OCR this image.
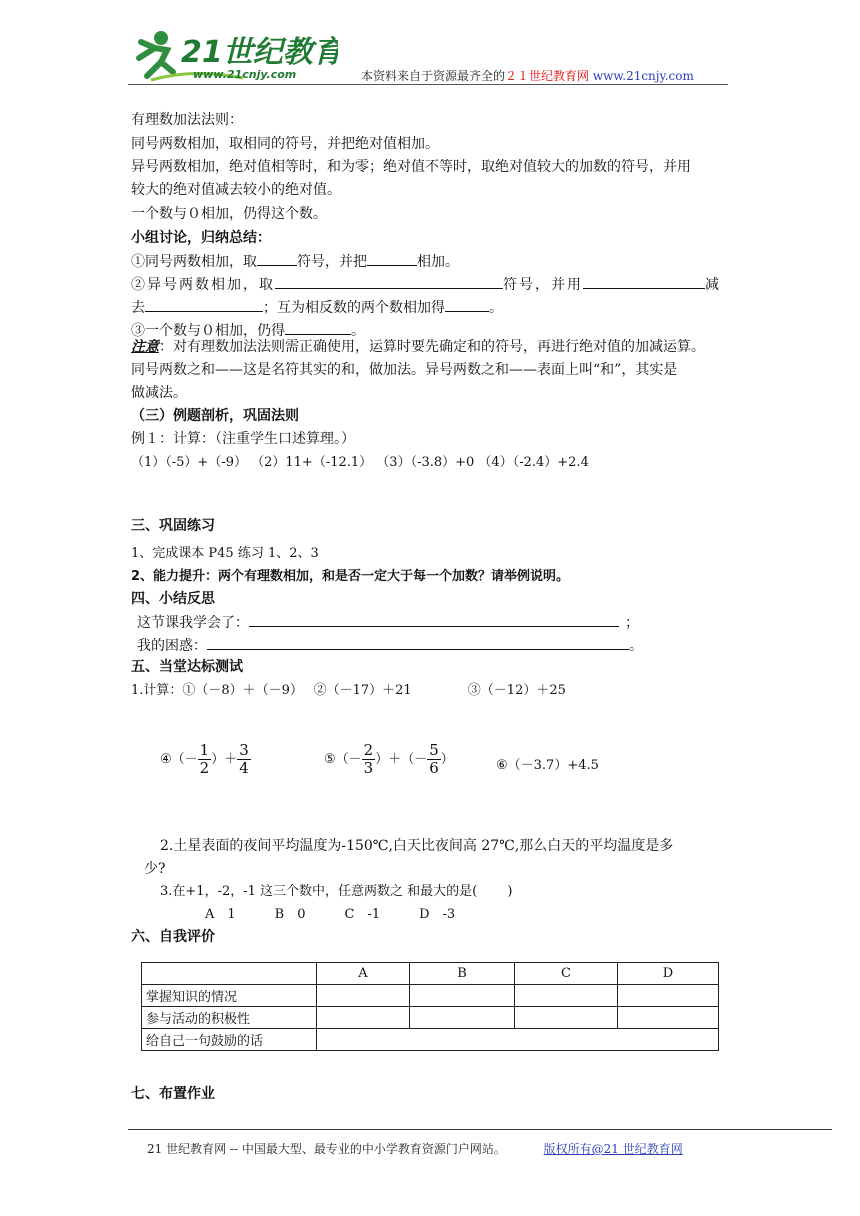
21世纪教育
www.21cnjy.com	本资料来自于资源最齐全的２１世纪教育网 www.21cnjy.com
有理数加法法则：
同号两数相加，取相同的符号，并把绝对值相加。
异号两数相加，绝对值相等时，和为零；绝对值不等时，取绝对值较大的加数的符号，并用
较大的绝对值减去较小的绝对值。
一个数与０相加，仍得这个数。
小组讨论，归纳总结：
①同号两数相加，取	符号，并把	相加。
②异号两数相加，取	符号，并用	减
去	；互为相反数的两个数相加得	。
③一个数与０相加，仍得	。
注意：对有理数加法法则需正确使用，运算时要先确定和的符号，再进行绝对值的加减运算。
同号两数之和——这是名符其实的和，做加法。异号两数之和——表面上叫“和”，其实是
做减法。
（三）例题剖析，巩固法则
例１：计算：（注重学生口述算理。）
（1）（-5）+（-9） （2）11+（-12.1） （3）（-3.8）+0 （4）（-2.4）+2.4
三、巩固练习
1、完成课本 P45 练习 1、2、3
2、能力提升：两个有理数相加，和是否一定大于每一个加数？请举例说明。
四、小结反思
这节课我学会了：	；
我的困惑：	。
五、当堂达标测试
1.计算：①（－8）＋（－9）　 ②（－17）＋21　　　　 ③（－12）＋25
④（－ $\frac{1}{2}$ ）＋ $\frac{3}{4}$	⑤（－ $\frac{2}{3}$ ）＋（－ $\frac{5}{6}$ ）	⑥（－3.7）+4.5
2.土星表面的夜间平均温度为-150℃,白天比夜间高 27℃,那么白天的平均温度是多
少?
3.在+1，-2，-1 这三个数中，任意两数之 和最大的是(　　 )
A　1　　　B　0　　　C　-1　　　D　-3
六、自我评价
	A	B	C	D
掌握知识的情况				
参与活动的积极性				
给自己一句鼓励的话				
七、布置作业
21 世纪教育网 -- 中国最大型、最专业的中小学教育资源门户网站。	版权所有@21 世纪教育网
